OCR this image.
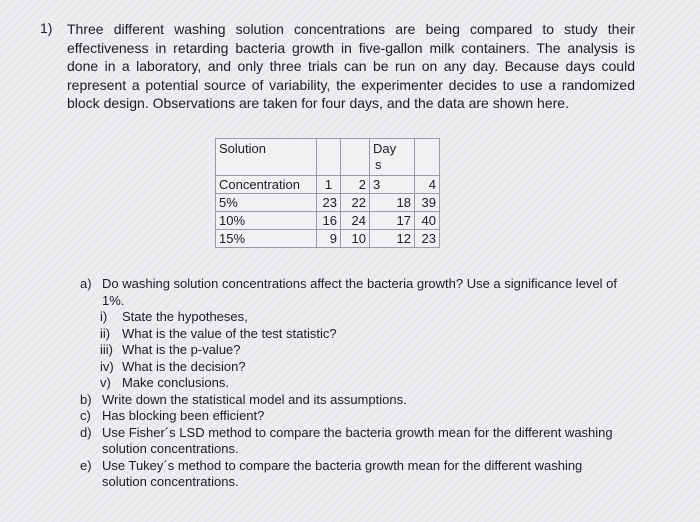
1) Three different washing solution concentrations are being compared to study their effectiveness in retarding bacteria growth in five-gallon milk containers. The analysis is done in a laboratory, and only three trials can be run on any day. Because days could represent a potential source of variability, the experimenter decides to use a randomized block design. Observations are taken for four days, and the data are shown here.
Solution			Day
s	
Concentration	1	2	3	4
5%	23	22	18	39
10%	16	24	17	40
15%	9	10	12	23
a) Do washing solution concentrations affect the bacteria growth? Use a significance level of 1%.
i) State the hypotheses,
ii) What is the value of the test statistic?
iii) What is the p-value?
iv) What is the decision?
v) Make conclusions.
b) Write down the statistical model and its assumptions.
c) Has blocking been efficient?
d) Use Fisher´s LSD method to compare the bacteria growth mean for the different washing solution concentrations.
e) Use Tukey´s method to compare the bacteria growth mean for the different washing solution concentrations.
